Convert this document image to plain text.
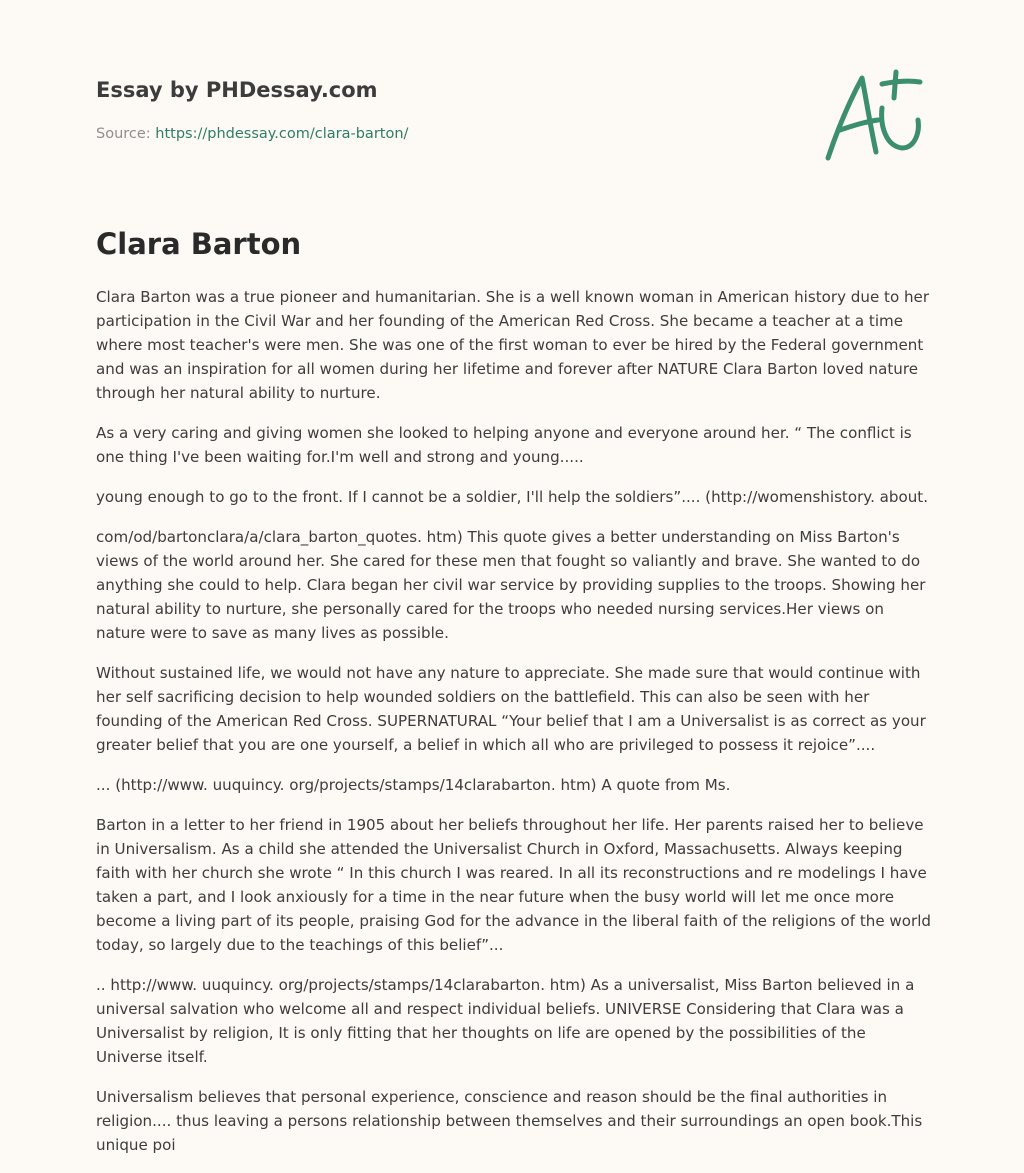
Essay by PHDessay.com

Source: https://phdessay.com/clara-barton/
Clara Barton

Clara Barton was a true pioneer and humanitarian. She is a well known woman in American history due to her participation in the Civil War and her founding of the American Red Cross. She became a teacher at a time where most teacher's were men. She was one of the first woman to ever be hired by the Federal government and was an inspiration for all women during her lifetime and forever after NATURE Clara Barton loved nature through her natural ability to nurture.

As a very caring and giving women she looked to helping anyone and everyone around her. “ The conflict is one thing I've been waiting for.I'm well and strong and young.....

young enough to go to the front. If I cannot be a soldier, I'll help the soldiers”.... (http://womenshistory. about.

com/od/bartonclara/a/clara_barton_quotes. htm) This quote gives a better understanding on Miss Barton's views of the world around her. She cared for these men that fought so valiantly and brave. She wanted to do anything she could to help. Clara began her civil war service by providing supplies to the troops. Showing her natural ability to nurture, she personally cared for the troops who needed nursing services.Her views on nature were to save as many lives as possible.

Without sustained life, we would not have any nature to appreciate. She made sure that would continue with her self sacrificing decision to help wounded soldiers on the battlefield. This can also be seen with her founding of the American Red Cross. SUPERNATURAL “Your belief that I am a Universalist is as correct as your greater belief that you are one yourself, a belief in which all who are privileged to possess it rejoice”....

... (http://www. uuquincy. org/projects/stamps/14clarabarton. htm) A quote from Ms.

Barton in a letter to her friend in 1905 about her beliefs throughout her life. Her parents raised her to believe in Universalism. As a child she attended the Universalist Church in Oxford, Massachusetts. Always keeping faith with her church she wrote “ In this church I was reared. In all its reconstructions and re modelings I have taken a part, and I look anxiously for a time in the near future when the busy world will let me once more become a living part of its people, praising God for the advance in the liberal faith of the religions of the world today, so largely due to the teachings of this belief”...

.. http://www. uuquincy. org/projects/stamps/14clarabarton. htm) As a universalist, Miss Barton believed in a universal salvation who welcome all and respect individual beliefs. UNIVERSE Considering that Clara was a Universalist by religion, It is only fitting that her thoughts on life are opened by the possibilities of the Universe itself.

Universalism believes that personal experience, conscience and reason should be the final authorities in religion.... thus leaving a persons relationship between themselves and their surroundings an open book.This unique poi
